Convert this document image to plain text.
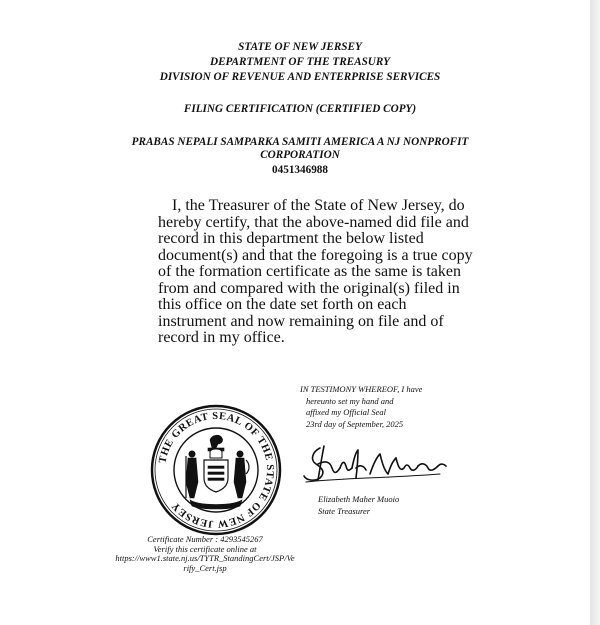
STATE OF NEW JERSEY
DEPARTMENT OF THE TREASURY
DIVISION OF REVENUE AND ENTERPRISE SERVICES
FILING CERTIFICATION (CERTIFIED COPY)
PRABAS NEPALI SAMPARKA SAMITI AMERICA A NJ NONPROFIT CORPORATION
0451346988
I, the Treasurer of the State of New Jersey, do hereby certify, that the above-named did file and record in this department the below listed document(s) and that the foregoing is a true copy of the formation certificate as the same is taken from and compared with the original(s) filed in this office on the date set forth on each instrument and now remaining on file and of record in my office.
IN TESTIMONY WHEREOF, I have
hereunto set my hand and
affixed my Official Seal
23rd day of September, 2025
Elizabeth Maher Muoio
State Treasurer
THE GREAT SEAL OF THE STATE OF NEW JERSEY
Certificate Number : 4293545267
Verify this certificate online at
https://www1.state.nj.us/TYTR_StandingCert/JSP/Ve
rify_Cert.jsp
